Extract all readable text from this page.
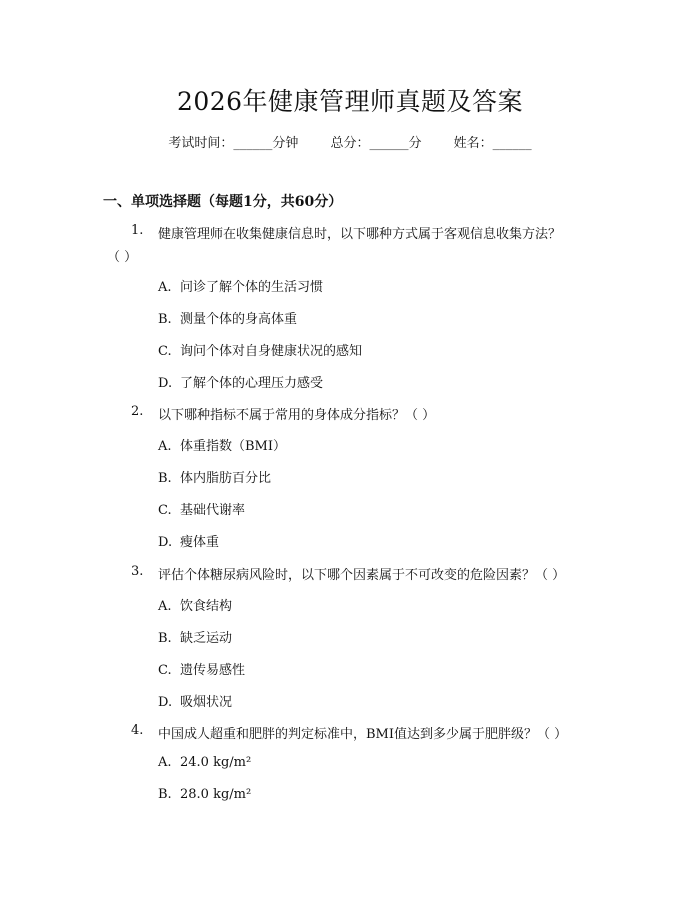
2026年健康管理师真题及答案
考试时间：______分钟 总分：______分 姓名：______
一、单项选择题（每题1分，共60分）
1. 健康管理师在收集健康信息时，以下哪种方式属于客观信息收集方法？
（ ）
A. 问诊了解个体的生活习惯
B. 测量个体的身高体重
C. 询问个体对自身健康状况的感知
D. 了解个体的心理压力感受
2. 以下哪种指标不属于常用的身体成分指标？（ ）
A. 体重指数（BMI）
B. 体内脂肪百分比
C. 基础代谢率
D. 瘦体重
3. 评估个体糖尿病风险时，以下哪个因素属于不可改变的危险因素？（ ）
A. 饮食结构
B. 缺乏运动
C. 遗传易感性
D. 吸烟状况
4. 中国成人超重和肥胖的判定标准中，BMI值达到多少属于肥胖级？（ ）
A. 24.0 kg/m²
B. 28.0 kg/m²
